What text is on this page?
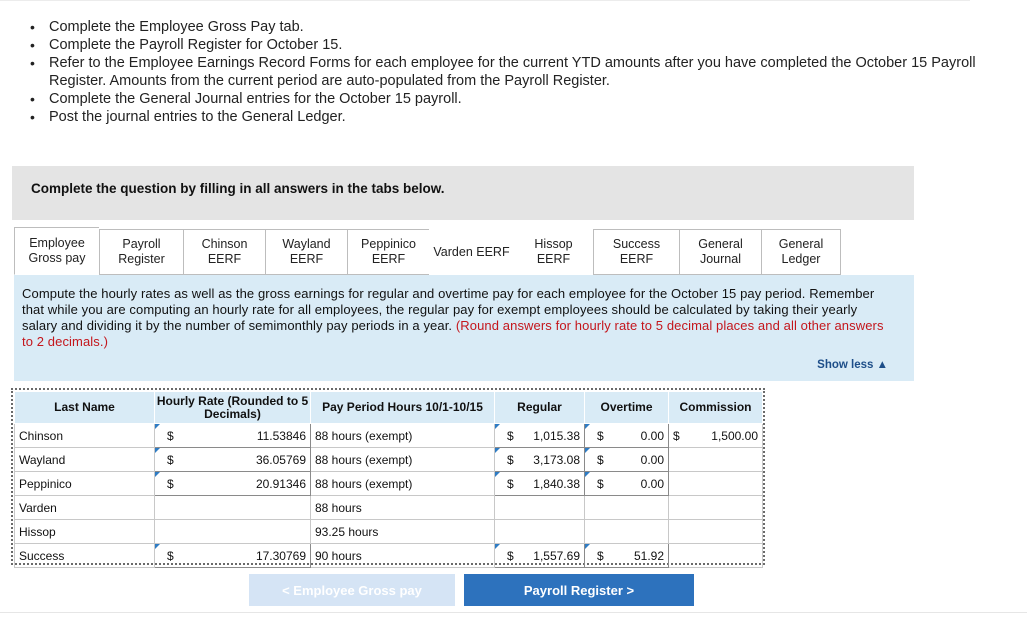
• Complete the Employee Gross Pay tab.
• Complete the Payroll Register for October 15.
• Refer to the Employee Earnings Record Forms for each employee for the current YTD amounts after you have completed the October 15 Payroll Register. Amounts from the current period are auto-populated from the Payroll Register.
• Complete the General Journal entries for the October 15 payroll.
• Post the journal entries to the General Ledger.
Complete the question by filling in all answers in the tabs below.
Employee
Gross pay
Payroll
Register
Chinson
EERF
Wayland
EERF
Peppinico
EERF
Varden EERF
Hissop EERF
Success
EERF
General
Journal
General
Ledger

Compute the hourly rates as well as the gross earnings for regular and overtime pay for each employee for the October 15 pay period. Remember that while you are computing an hourly rate for all employees, the regular pay for exempt employees should be calculated by taking their yearly salary and dividing it by the number of semimonthly pay periods in a year. (Round answers for hourly rate to 5 decimal places and all other answers to 2 decimals.)

Show less ▲
Last Name	Hourly Rate (Rounded to 5 Decimals)	Pay Period Hours 10/1-10/15	Regular	Overtime	Commission
Chinson	$ 11.53846	88 hours (exempt)	$ 1,015.38	$ 0.00	$ 1,500.00

Wayland	$ 36.05769	88 hours (exempt)	$ 3,173.08	$ 0.00	

Peppinico	$ 20.91346	88 hours (exempt)	$ 1,840.38	$ 0.00	

Varden		88 hours			
Hissop		93.25 hours			
Success	$ 17.30769	90 hours	$ 1,557.69	$ 51.92	

< Employee Gross pay	Payroll Register >
